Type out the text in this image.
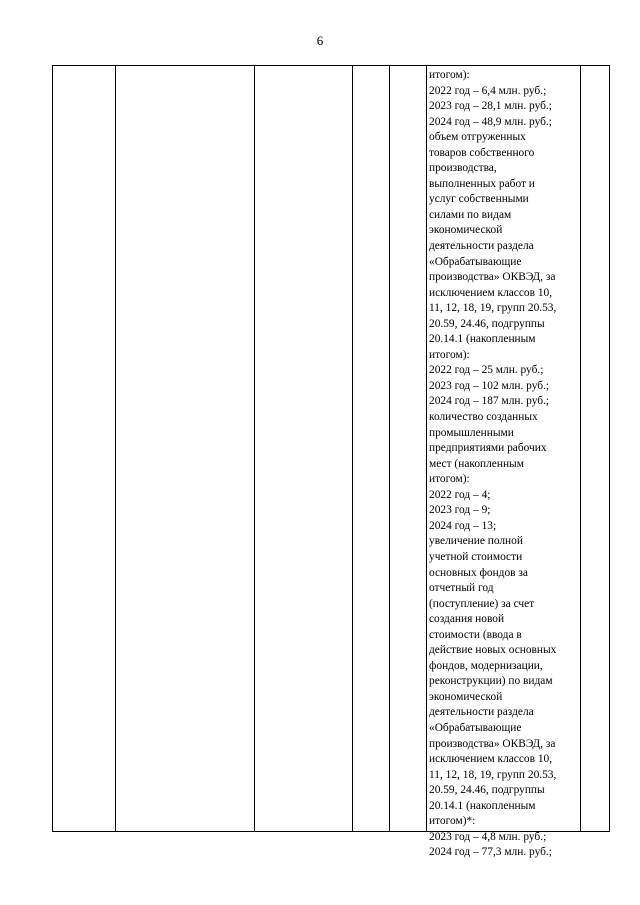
6
итогом):
2022 год – 6,4 млн. руб.;
2023 год – 28,1 млн. руб.;
2024 год – 48,9 млн. руб.;
объем отгруженных
товаров собственного
производства,
выполненных работ и
услуг собственными
силами по видам
экономической
деятельности раздела
«Обрабатывающие
производства» ОКВЭД, за
исключением классов 10,
11, 12, 18, 19, групп 20.53,
20.59, 24.46, подгруппы
20.14.1 (накопленным
итогом):
2022 год – 25 млн. руб.;
2023 год – 102 млн. руб.;
2024 год – 187 млн. руб.;
количество созданных
промышленными
предприятиями рабочих
мест (накопленным
итогом):
2022 год – 4;
2023 год – 9;
2024 год – 13;
увеличение полной
учетной стоимости
основных фондов за
отчетный год
(поступление) за счет
создания новой
стоимости (ввода в
действие новых основных
фондов, модернизации,
реконструкции) по видам
экономической
деятельности раздела
«Обрабатывающие
производства» ОКВЭД, за
исключением классов 10,
11, 12, 18, 19, групп 20.53,
20.59, 24.46, подгруппы
20.14.1 (накопленным
итогом)*:
2023 год – 4,8 млн. руб.;
2024 год – 77,3 млн. руб.;
